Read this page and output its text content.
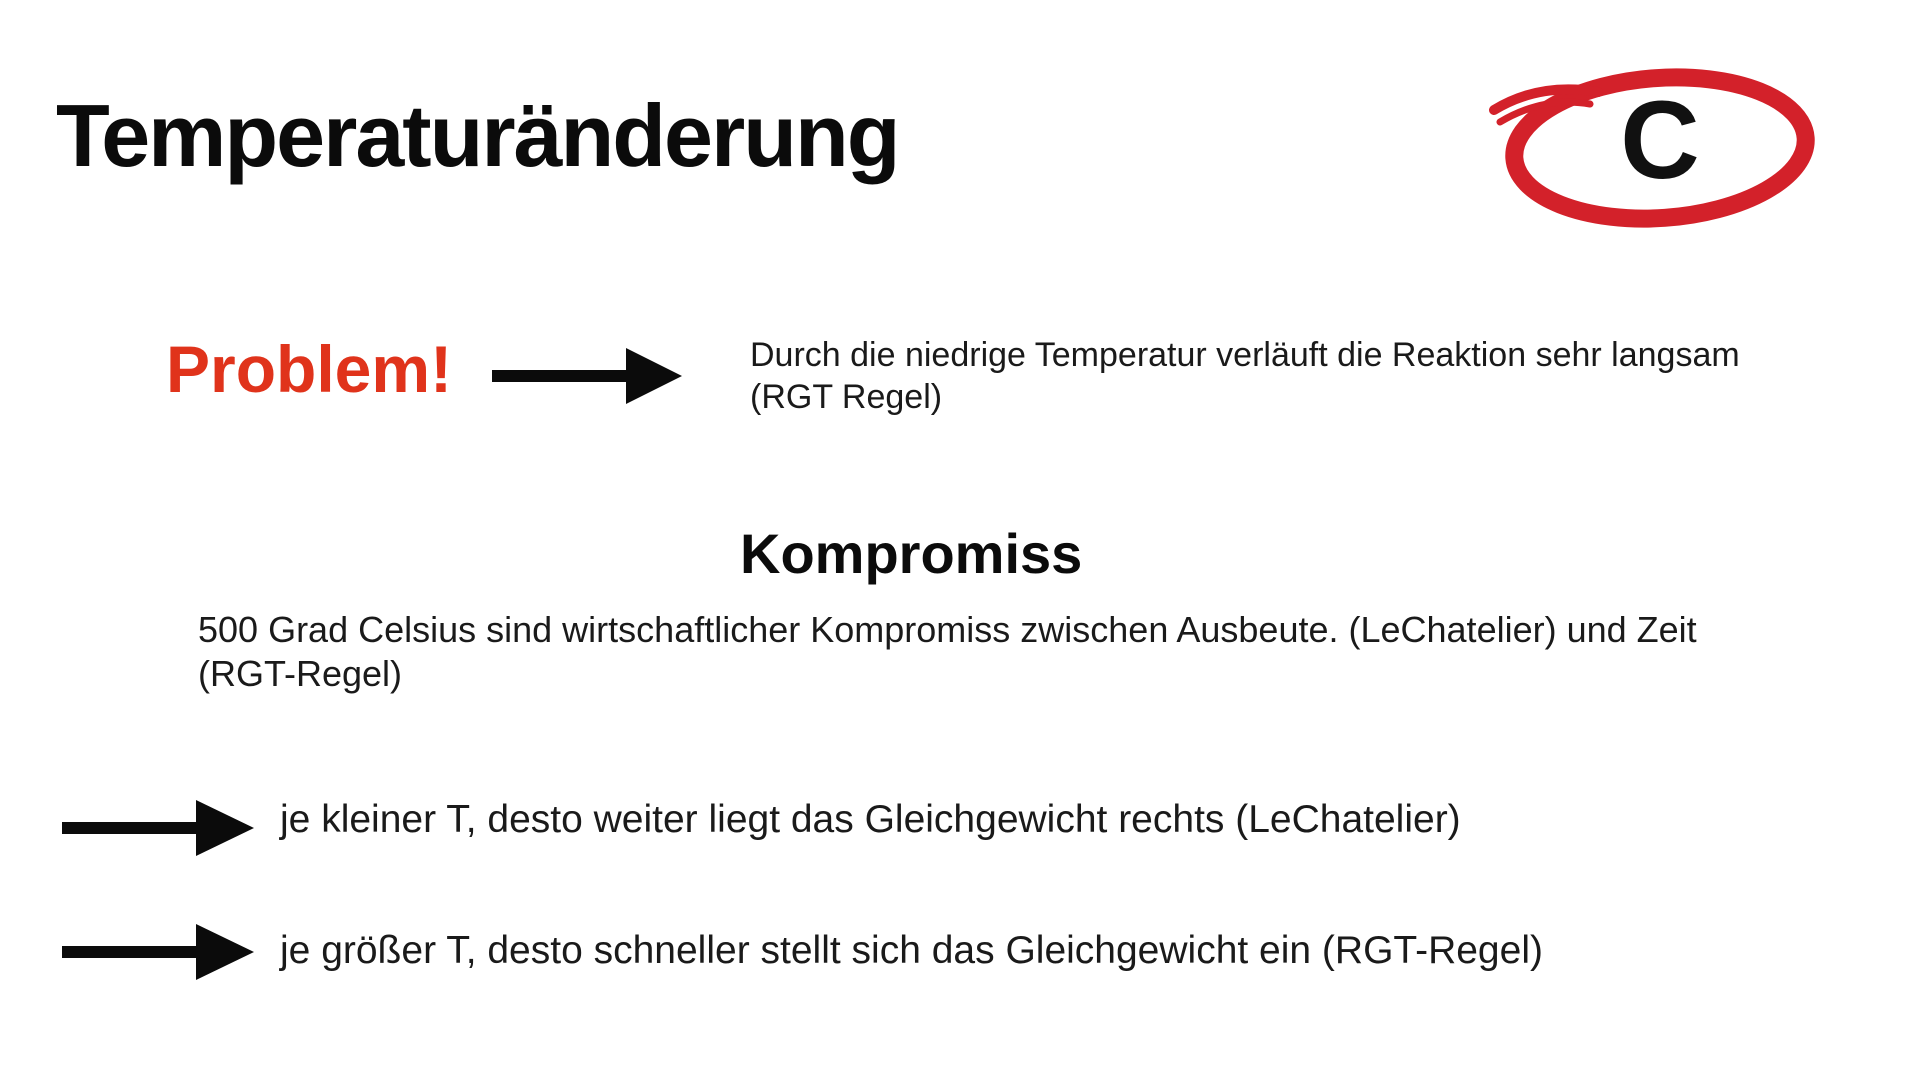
Temperaturänderung	C
Problem!	Durch die niedrige Temperatur verläuft die Reaktion sehr langsam (RGT Regel)
Kompromiss
500 Grad Celsius sind wirtschaftlicher Kompromiss zwischen Ausbeute. (LeChatelier) und Zeit (RGT-Regel)
je kleiner T, desto weiter liegt das Gleichgewicht rechts (LeChatelier)
je größer T, desto schneller stellt sich das Gleichgewicht ein (RGT-Regel)
